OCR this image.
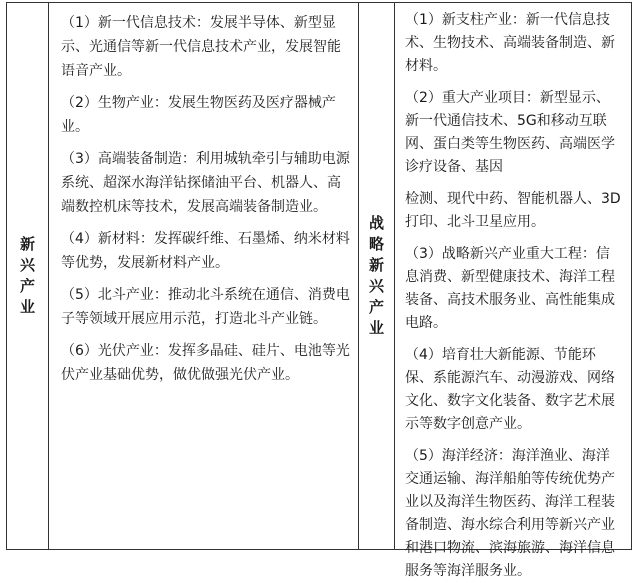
新兴产业

（1）新一代信息技术：发展半导体、新型显示、光通信等新一代信息技术产业，发展智能语音产业。

（2）生物产业：发展生物医药及医疗器械产业。

（3）高端装备制造：利用城轨牵引与辅助电源系统、超深水海洋钻探储油平台、机器人、高端数控机床等技术，发展高端装备制造业。

（4）新材料：发挥碳纤维、石墨烯、纳米材料等优势，发展新材料产业。

（5）北斗产业：推动北斗系统在通信、消费电子等领域开展应用示范，打造北斗产业链。

（6）光伏产业：发挥多晶硅、硅片、电池等光伏产业基础优势，做优做强光伏产业。

战略新兴产业

（1）新支柱产业：新一代信息技术、生物技术、高端装备制造、新材料。

（2）重大产业项目：新型显示、新一代通信技术、5G和移动互联网、蛋白类等生物医药、高端医学诊疗设备、基因

检测、现代中药、智能机器人、3D打印、北斗卫星应用。

（3）战略新兴产业重大工程：信息消费、新型健康技术、海洋工程装备、高技术服务业、高性能集成电路。

（4）培育壮大新能源、节能环保、系能源汽车、动漫游戏、网络文化、数字文化装备、数字艺术展示等数字创意产业。

（5）海洋经济：海洋渔业、海洋交通运输、海洋船舶等传统优势产业以及海洋生物医药、海洋工程装备制造、海水综合利用等新兴产业和港口物流、滨海旅游、海洋信息服务等海洋服务业。
